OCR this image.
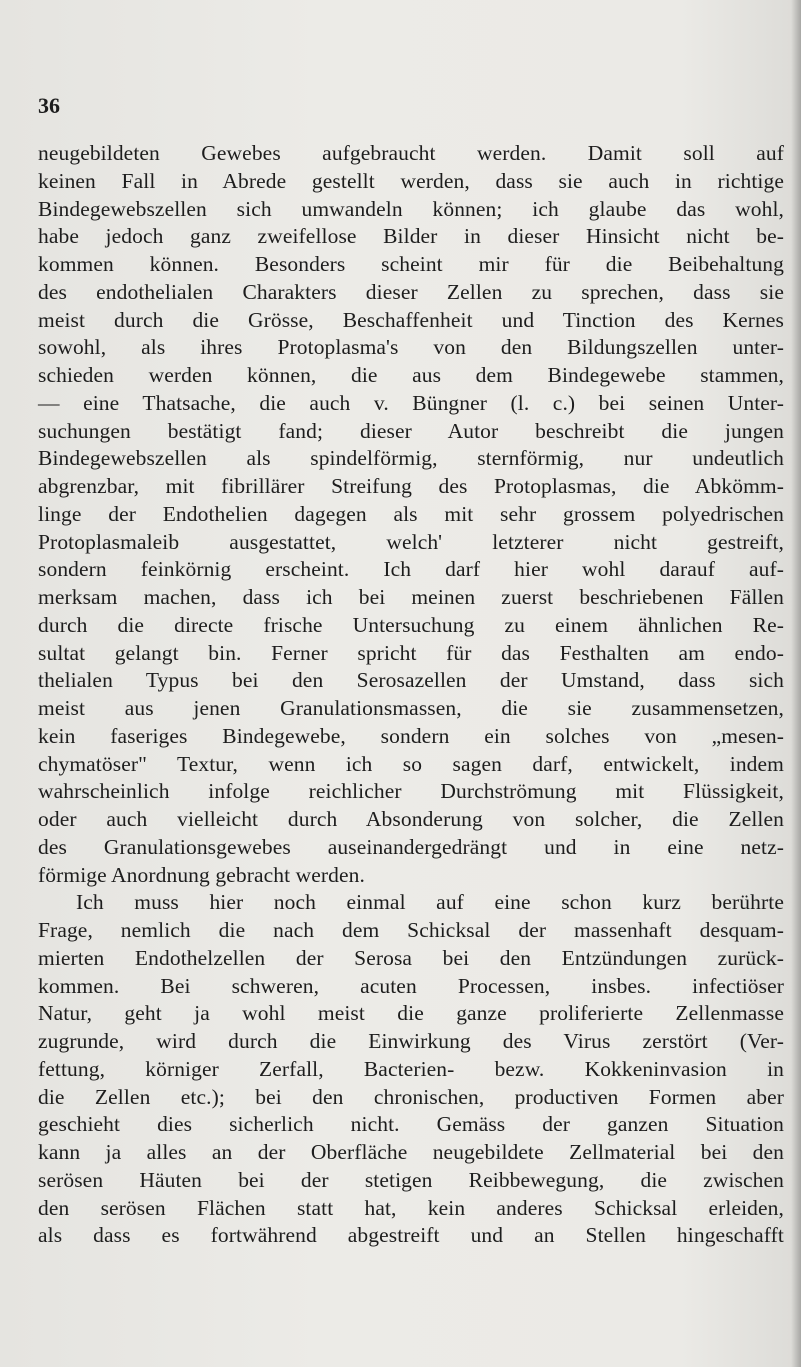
36
neugebildeten Gewebes aufgebraucht werden. Damit soll auf
keinen Fall in Abrede gestellt werden, dass sie auch in richtige
Bindegewebszellen sich umwandeln können; ich glaube das wohl,
habe jedoch ganz zweifellose Bilder in dieser Hinsicht nicht be-
kommen können. Besonders scheint mir für die Beibehaltung
des endothelialen Charakters dieser Zellen zu sprechen, dass sie
meist durch die Grösse, Beschaffenheit und Tinction des Kernes
sowohl, als ihres Protoplasma's von den Bildungszellen unter-
schieden werden können, die aus dem Bindegewebe stammen,
— eine Thatsache, die auch v. Büngner (l. c.) bei seinen Unter-
suchungen bestätigt fand; dieser Autor beschreibt die jungen
Bindegewebszellen als spindelförmig, sternförmig, nur undeutlich
abgrenzbar, mit fibrillärer Streifung des Protoplasmas, die Abkömm-
linge der Endothelien dagegen als mit sehr grossem polyedrischen
Protoplasmaleib ausgestattet, welch' letzterer nicht gestreift,
sondern feinkörnig erscheint. Ich darf hier wohl darauf auf-
merksam machen, dass ich bei meinen zuerst beschriebenen Fällen
durch die directe frische Untersuchung zu einem ähnlichen Re-
sultat gelangt bin. Ferner spricht für das Festhalten am endo-
thelialen Typus bei den Serosazellen der Umstand, dass sich
meist aus jenen Granulationsmassen, die sie zusammensetzen,
kein faseriges Bindegewebe, sondern ein solches von „mesen-
chymatöser" Textur, wenn ich so sagen darf, entwickelt, indem
wahrscheinlich infolge reichlicher Durchströmung mit Flüssigkeit,
oder auch vielleicht durch Absonderung von solcher, die Zellen
des Granulationsgewebes auseinandergedrängt und in eine netz-
förmige Anordnung gebracht werden.
Ich muss hier noch einmal auf eine schon kurz berührte
Frage, nemlich die nach dem Schicksal der massenhaft desquam-
mierten Endothelzellen der Serosa bei den Entzündungen zurück-
kommen. Bei schweren, acuten Processen, insbes. infectiöser
Natur, geht ja wohl meist die ganze proliferierte Zellenmasse
zugrunde, wird durch die Einwirkung des Virus zerstört (Ver-
fettung, körniger Zerfall, Bacterien- bezw. Kokkeninvasion in
die Zellen etc.); bei den chronischen, productiven Formen aber
geschieht dies sicherlich nicht. Gemäss der ganzen Situation
kann ja alles an der Oberfläche neugebildete Zellmaterial bei den
serösen Häuten bei der stetigen Reibbewegung, die zwischen
den serösen Flächen statt hat, kein anderes Schicksal erleiden,
als dass es fortwährend abgestreift und an Stellen hingeschafft
